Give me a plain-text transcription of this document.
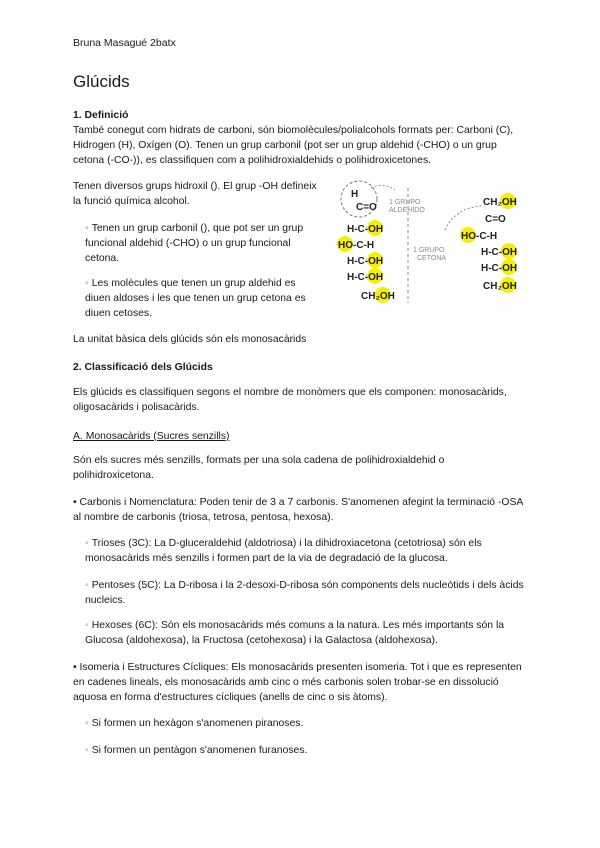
Bruna Masagué 2batx
Glúcids

1. Definició

També conegut com hidrats de carboni, són biomolècules/polialcohols formats per: Carboni (C), Hidrogen (H), Oxígen (O). Tenen un grup carbonil (pot ser un grup aldehid (-CHO) o un grup cetona (-CO-)), es classifiquen com a polihidroxialdehids o polihidroxicetones.

Tenen diversos grups hidroxil (). El grup -OH defineix la funció química alcohol.

◦ Tenen un grup carbonil (), que pot ser un grup funcional aldehid (-CHO) o un grup funcional cetona.

◦ Les molècules que tenen un grup aldehid es diuen aldoses i les que tenen un grup cetona es diuen cetoses.

La unitat bàsica dels glúcids són els monosacàrids

H
C=O 1 GRUPO
ALDEHÍDO
H-C-OH
HO-C-H
H-C-OH
H-C-OH
CH₂OH
1 GRUPO
CETONA
CH₂OH
C=O
HO-C-H
H-C-OH
H-C-OH
CH₂OH

2. Classificació dels Glúcids

Els glúcids es classifiquen segons el nombre de monòmers que els componen: monosacàrids, oligosacàrids i polisacàrids.

A. Monosacàrids (Sucres senzills)

Són els sucres més senzills, formats per una sola cadena de polihidroxialdehid o polihidroxicetona.

• Carbonis i Nomenclatura: Poden tenir de 3 a 7 carbonis. S'anomenen afegint la terminació -OSA al nombre de carbonis (triosa, tetrosa, pentosa, hexosa).

◦ Trioses (3C): La D-gluceraldehid (aldotriosa) i la dihidroxiacetona (cetotriosa) són els monosacàrids més senzills i formen part de la via de degradació de la glucosa.

◦ Pentoses (5C): La D-ribosa i la 2-desoxi-D-ribosa són components dels nucleòtids i dels àcids nucleics.

◦ Hexoses (6C): Són els monosacàrids més comuns a la natura. Les més importants són la Glucosa (aldohexosa), la Fructosa (cetohexosa) i la Galactosa (aldohexosa).

• Isomeria i Estructures Cícliques: Els monosacàrids presenten isomeria. Tot i que es representen en cadenes lineals, els monosacàrids amb cinc o més carbonis solen trobar-se en dissolució aquosa en forma d'estructures cícliques (anells de cinc o sis àtoms).

◦ Si formen un hexàgon s'anomenen piranoses.

◦ Si formen un pentàgon s'anomenen furanoses.
